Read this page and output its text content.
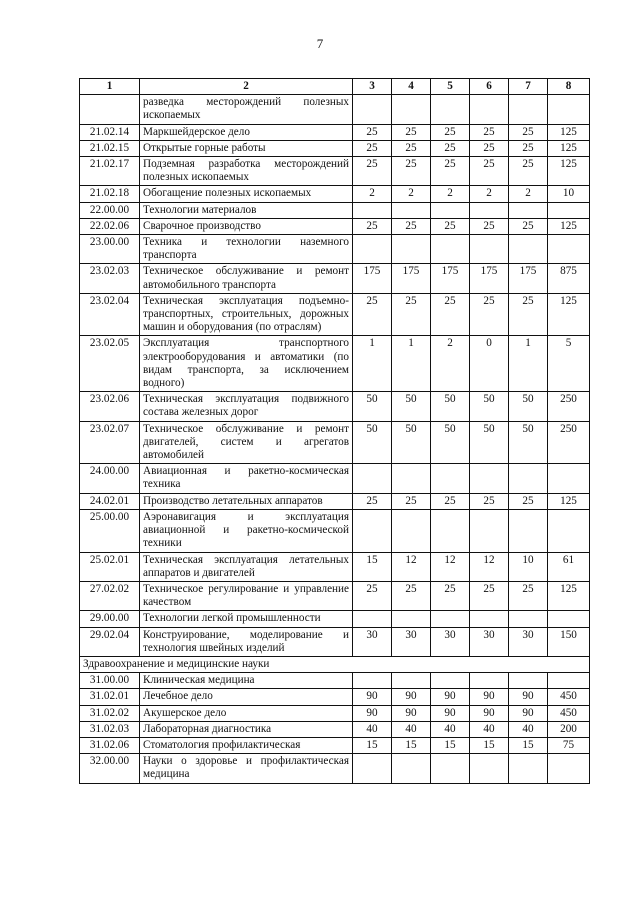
7
1	2	3	4	5	6	7	8
	разведка месторождений полезных ископаемых						
21.02.14	Маркшейдерское дело	25	25	25	25	25	125
21.02.15	Открытые горные работы	25	25	25	25	25	125
21.02.17	Подземная разработка месторождений полезных ископаемых	25	25	25	25	25	125
21.02.18	Обогащение полезных ископаемых	2	2	2	2	2	10
22.00.00	Технологии материалов						
22.02.06	Сварочное производство	25	25	25	25	25	125
23.00.00	Техника и технологии наземного транспорта						
23.02.03	Техническое обслуживание и ремонт автомобильного транспорта	175	175	175	175	175	875
23.02.04	Техническая эксплуатация подъемно-транспортных, строительных, дорожных машин и оборудования (по отраслям)	25	25	25	25	25	125
23.02.05	Эксплуатация транспортного электрооборудования и автоматики (по видам транспорта, за исключением водного)	1	1	2	0	1	5
23.02.06	Техническая эксплуатация подвижного состава железных дорог	50	50	50	50	50	250
23.02.07	Техническое обслуживание и ремонт двигателей, систем и агрегатов автомобилей	50	50	50	50	50	250
24.00.00	Авиационная и ракетно-космическая техника						
24.02.01	Производство летательных аппаратов	25	25	25	25	25	125
25.00.00	Аэронавигация и эксплуатация авиационной и ракетно-космической техники						
25.02.01	Техническая эксплуатация летательных аппаратов и двигателей	15	12	12	12	10	61
27.02.02	Техническое регулирование и управление качеством	25	25	25	25	25	125
29.00.00	Технологии легкой промышленности						
29.02.04	Конструирование, моделирование и технология швейных изделий	30	30	30	30	30	150
Здравоохранение и медицинские науки							
31.00.00	Клиническая медицина						
31.02.01	Лечебное дело	90	90	90	90	90	450
31.02.02	Акушерское дело	90	90	90	90	90	450
31.02.03	Лабораторная диагностика	40	40	40	40	40	200
31.02.06	Стоматология профилактическая	15	15	15	15	15	75
32.00.00	Науки о здоровье и профилактическая медицина						
